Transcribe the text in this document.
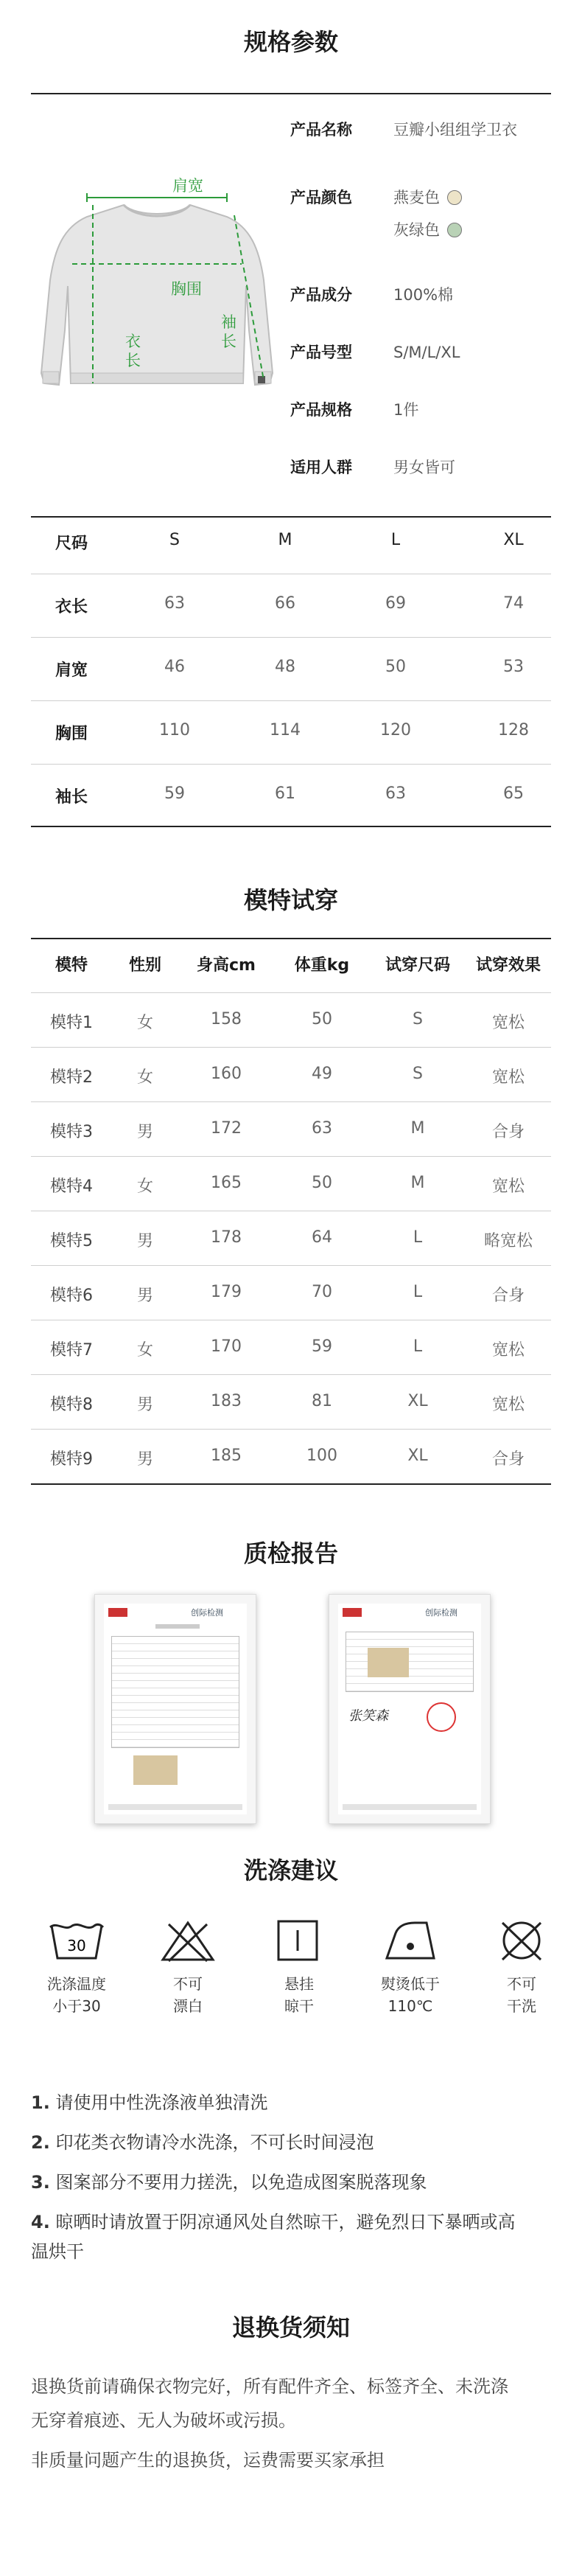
规格参数
肩宽
胸围
衣
长
袖
长
产品名称	豆瓣小组组学卫衣
产品颜色	燕麦色
灰绿色
产品成分	100%棉
产品号型	S/M/L/XL
产品规格	1件
适用人群	男女皆可
尺码	S	M	L	XL
衣长	63	66	69	74
肩宽	46	48	50	53
胸围	110	114	120	128
袖长	59	61	63	65
模特试穿
模特	性别	身高cm	体重kg	试穿尺码	试穿效果
模特1	女	158	50	S	宽松
模特2	女	160	49	S	宽松
模特3	男	172	63	M	合身
模特4	女	165	50	M	宽松
模特5	男	178	64	L	略宽松
模特6	男	179	70	L	合身
模特7	女	170	59	L	宽松
模特8	男	183	81	XL	宽松
模特9	男	185	100	XL	合身
质检报告
创际检测	创际检测
张笑森
洗涤建议
30
洗涤温度
小于30
不可
漂白
悬挂
晾干
熨烫低于
110℃
不可
干洗
1. 请使用中性洗涤液单独清洗
2. 印花类衣物请冷水洗涤，不可长时间浸泡
3. 图案部分不要用力搓洗，以免造成图案脱落现象
4. 晾晒时请放置于阴凉通风处自然晾干，避免烈日下暴晒或高
温烘干
退换货须知
退换货前请确保衣物完好，所有配件齐全、标签齐全、未洗涤
无穿着痕迹、无人为破坏或污损。
非质量问题产生的退换货，运费需要买家承担
